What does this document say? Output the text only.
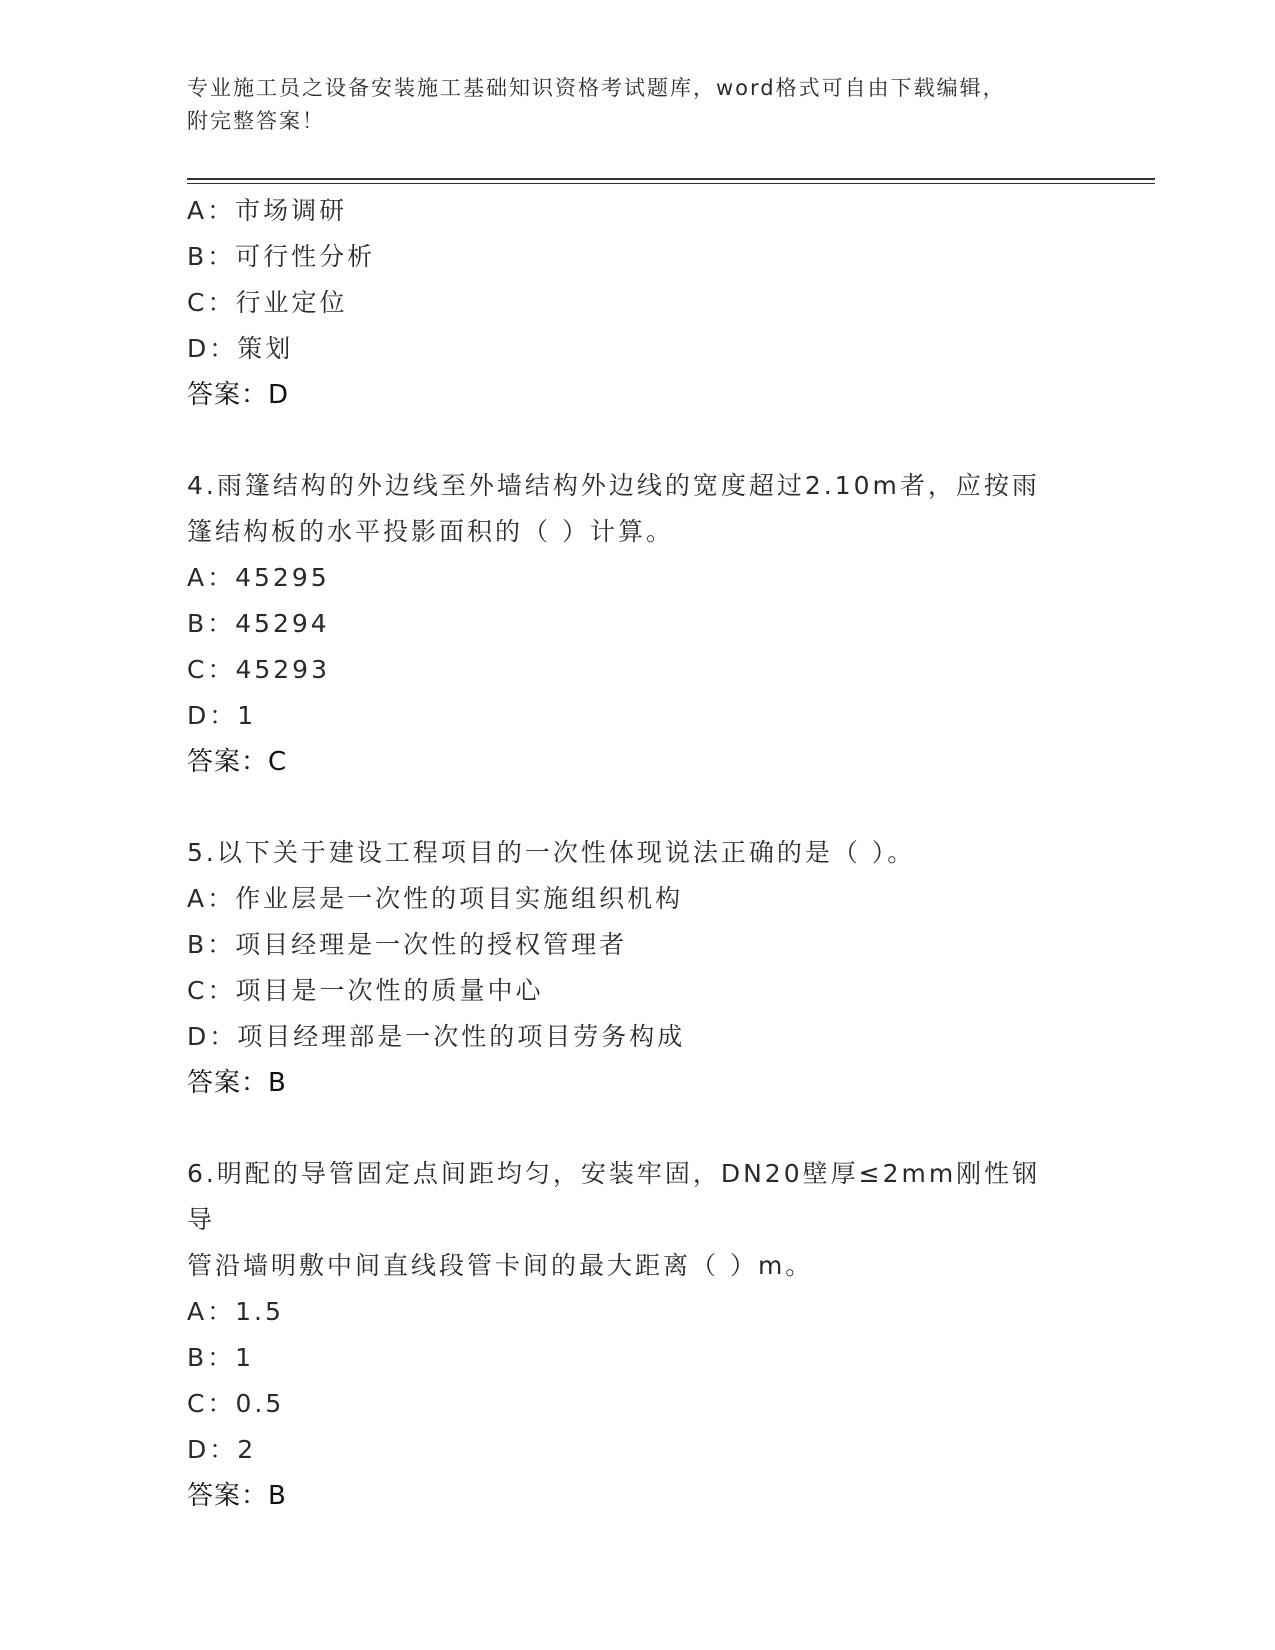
专业施工员之设备安装施工基础知识资格考试题库，word格式可自由下载编辑，
附完整答案！
A：市场调研
B：可行性分析
C：行业定位
D：策划
答案：D
4.雨篷结构的外边线至外墙结构外边线的宽度超过2.10m者，应按雨
篷结构板的水平投影面积的（ ）计算。
A：45295
B：45294
C：45293
D：1
答案：C
5.以下关于建设工程项目的一次性体现说法正确的是（ ）。
A：作业层是一次性的项目实施组织机构
B：项目经理是一次性的授权管理者
C：项目是一次性的质量中心
D：项目经理部是一次性的项目劳务构成
答案：B
6.明配的导管固定点间距均匀，安装牢固，DN20壁厚≤2mm刚性钢导
管沿墙明敷中间直线段管卡间的最大距离（ ）m。
A：1.5
B：1
C：0.5
D：2
答案：B
